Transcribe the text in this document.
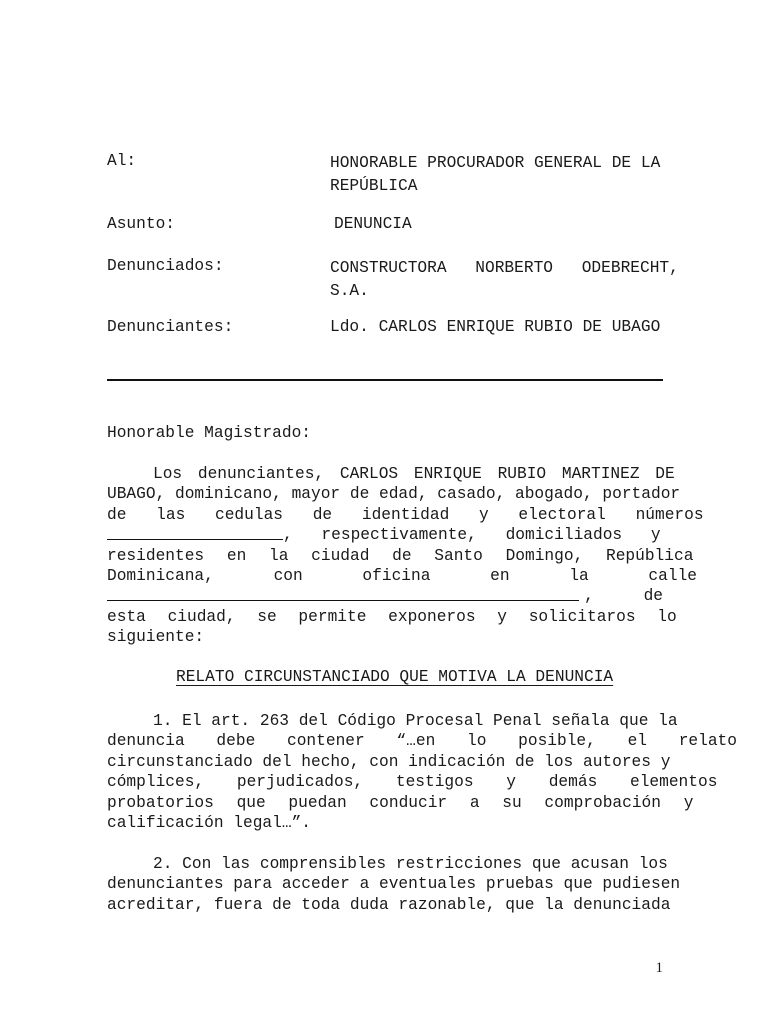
Al:	HONORABLE PROCURADOR GENERAL DE LA
REPÚBLICA
Asunto:	DENUNCIA
Denunciados:	CONSTRUCTORA NORBERTO ODEBRECHT,
S.A.
Denunciantes:	Ldo. CARLOS ENRIQUE RUBIO DE UBAGO
Honorable Magistrado:
Los denunciantes, CARLOS ENRIQUE RUBIO MARTINEZ DE
UBAGO, dominicano, mayor de edad, casado, abogado, portador
de las cedulas de identidad y electoral números
, respectivamente, domiciliados y
residentes en la ciudad de Santo Domingo, República
Dominicana, con oficina en la calle
, de
esta ciudad, se permite exponeros y solicitaros lo
siguiente:
RELATO CIRCUNSTANCIADO QUE MOTIVA LA DENUNCIA
1. El art. 263 del Código Procesal Penal señala que la
denuncia debe contener “…en lo posible, el relato
circunstanciado del hecho, con indicación de los autores y
cómplices, perjudicados, testigos y demás elementos
probatorios que puedan conducir a su comprobación y
calificación legal…”.
2. Con las comprensibles restricciones que acusan los
denunciantes para acceder a eventuales pruebas que pudiesen
acreditar, fuera de toda duda razonable, que la denunciada
1
